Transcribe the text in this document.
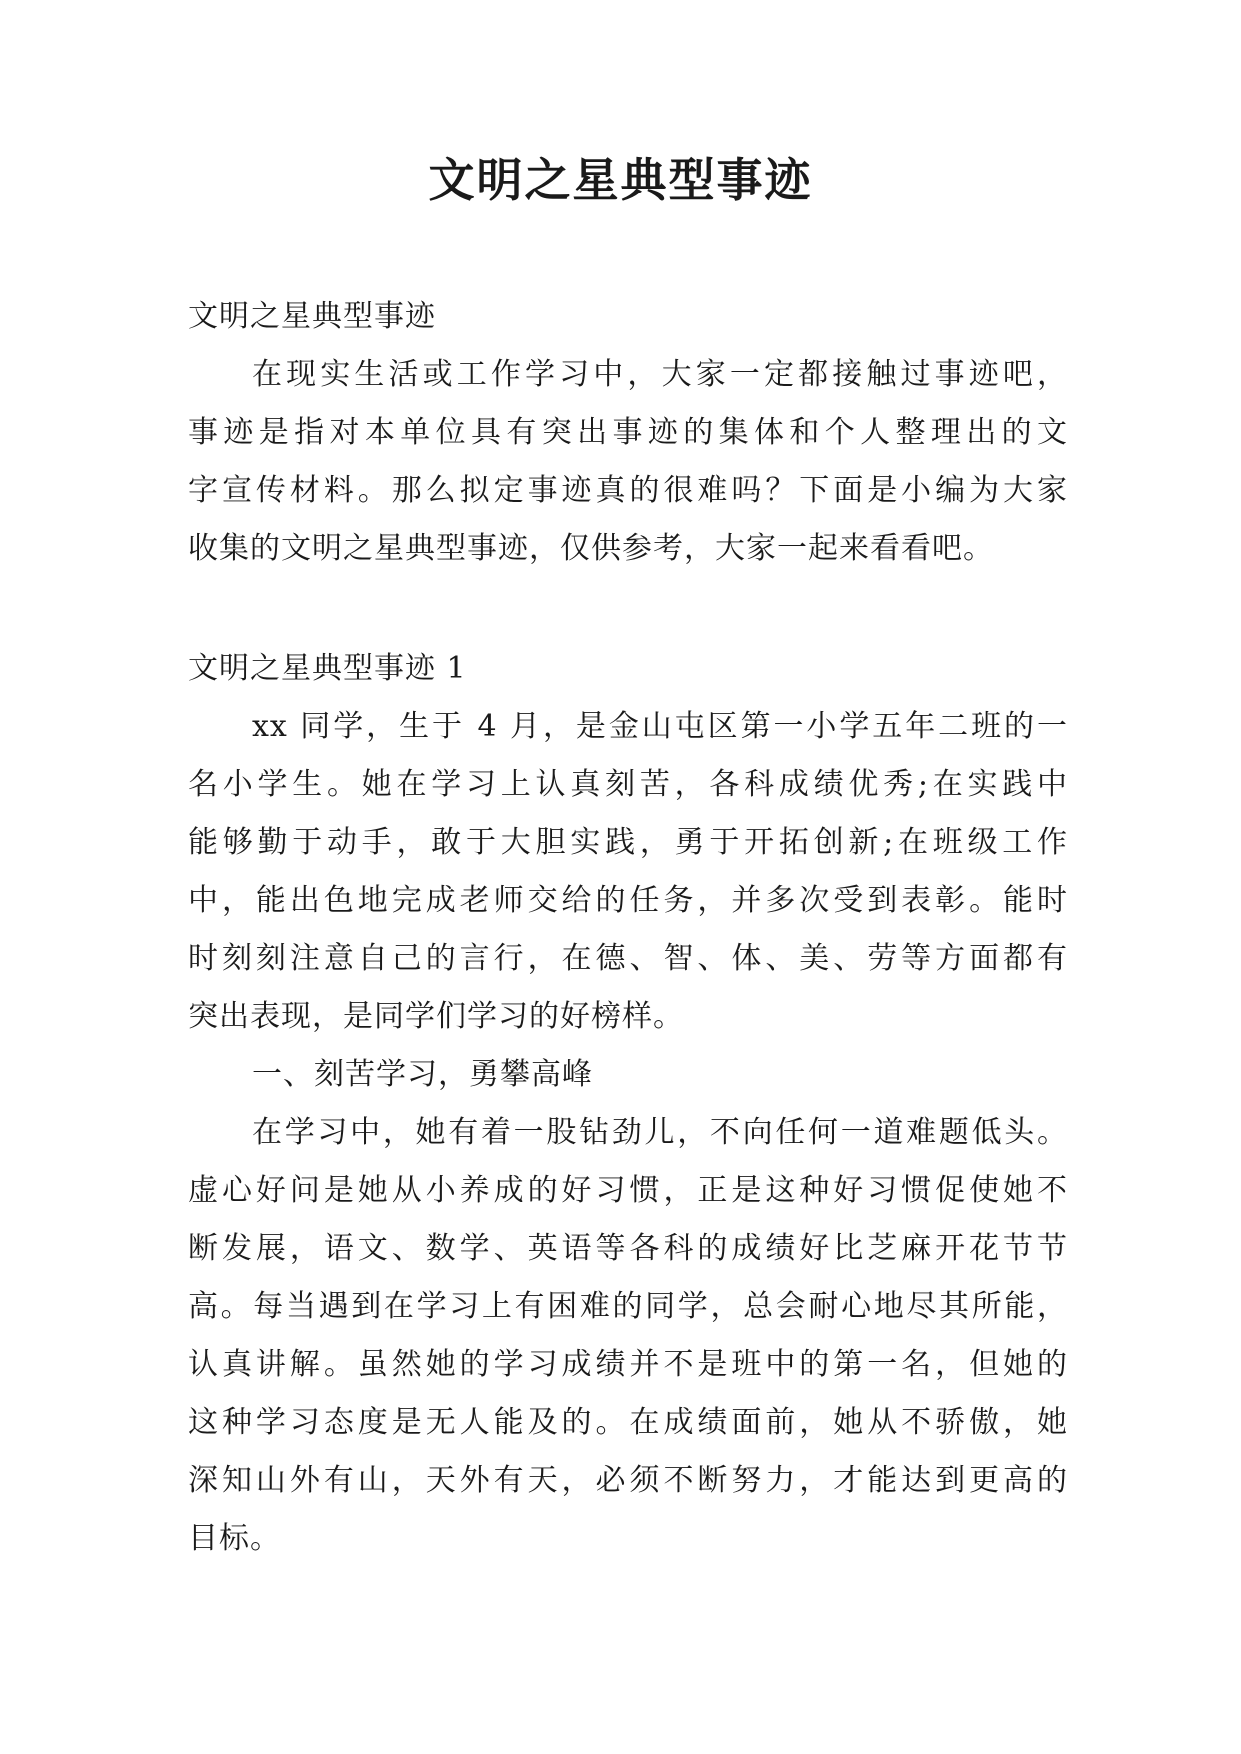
文明之星典型事迹

文明之星典型事迹

在现实生活或工作学习中，大家一定都接触过事迹吧，

事迹是指对本单位具有突出事迹的集体和个人整理出的文

字宣传材料。那么拟定事迹真的很难吗？下面是小编为大家

收集的文明之星典型事迹，仅供参考，大家一起来看看吧。

文明之星典型事迹 1

xx 同学，生于 4 月，是金山屯区第一小学五年二班的一

名小学生。她在学习上认真刻苦，各科成绩优秀;在实践中

能够勤于动手，敢于大胆实践，勇于开拓创新;在班级工作

中，能出色地完成老师交给的任务，并多次受到表彰。能时

时刻刻注意自己的言行，在德、智、体、美、劳等方面都有

突出表现，是同学们学习的好榜样。

一、刻苦学习，勇攀高峰

在学习中，她有着一股钻劲儿，不向任何一道难题低头。

虚心好问是她从小养成的好习惯，正是这种好习惯促使她不

断发展，语文、数学、英语等各科的成绩好比芝麻开花节节

高。每当遇到在学习上有困难的同学，总会耐心地尽其所能，

认真讲解。虽然她的学习成绩并不是班中的第一名，但她的

这种学习态度是无人能及的。在成绩面前，她从不骄傲，她

深知山外有山，天外有天，必须不断努力，才能达到更高的

目标。
